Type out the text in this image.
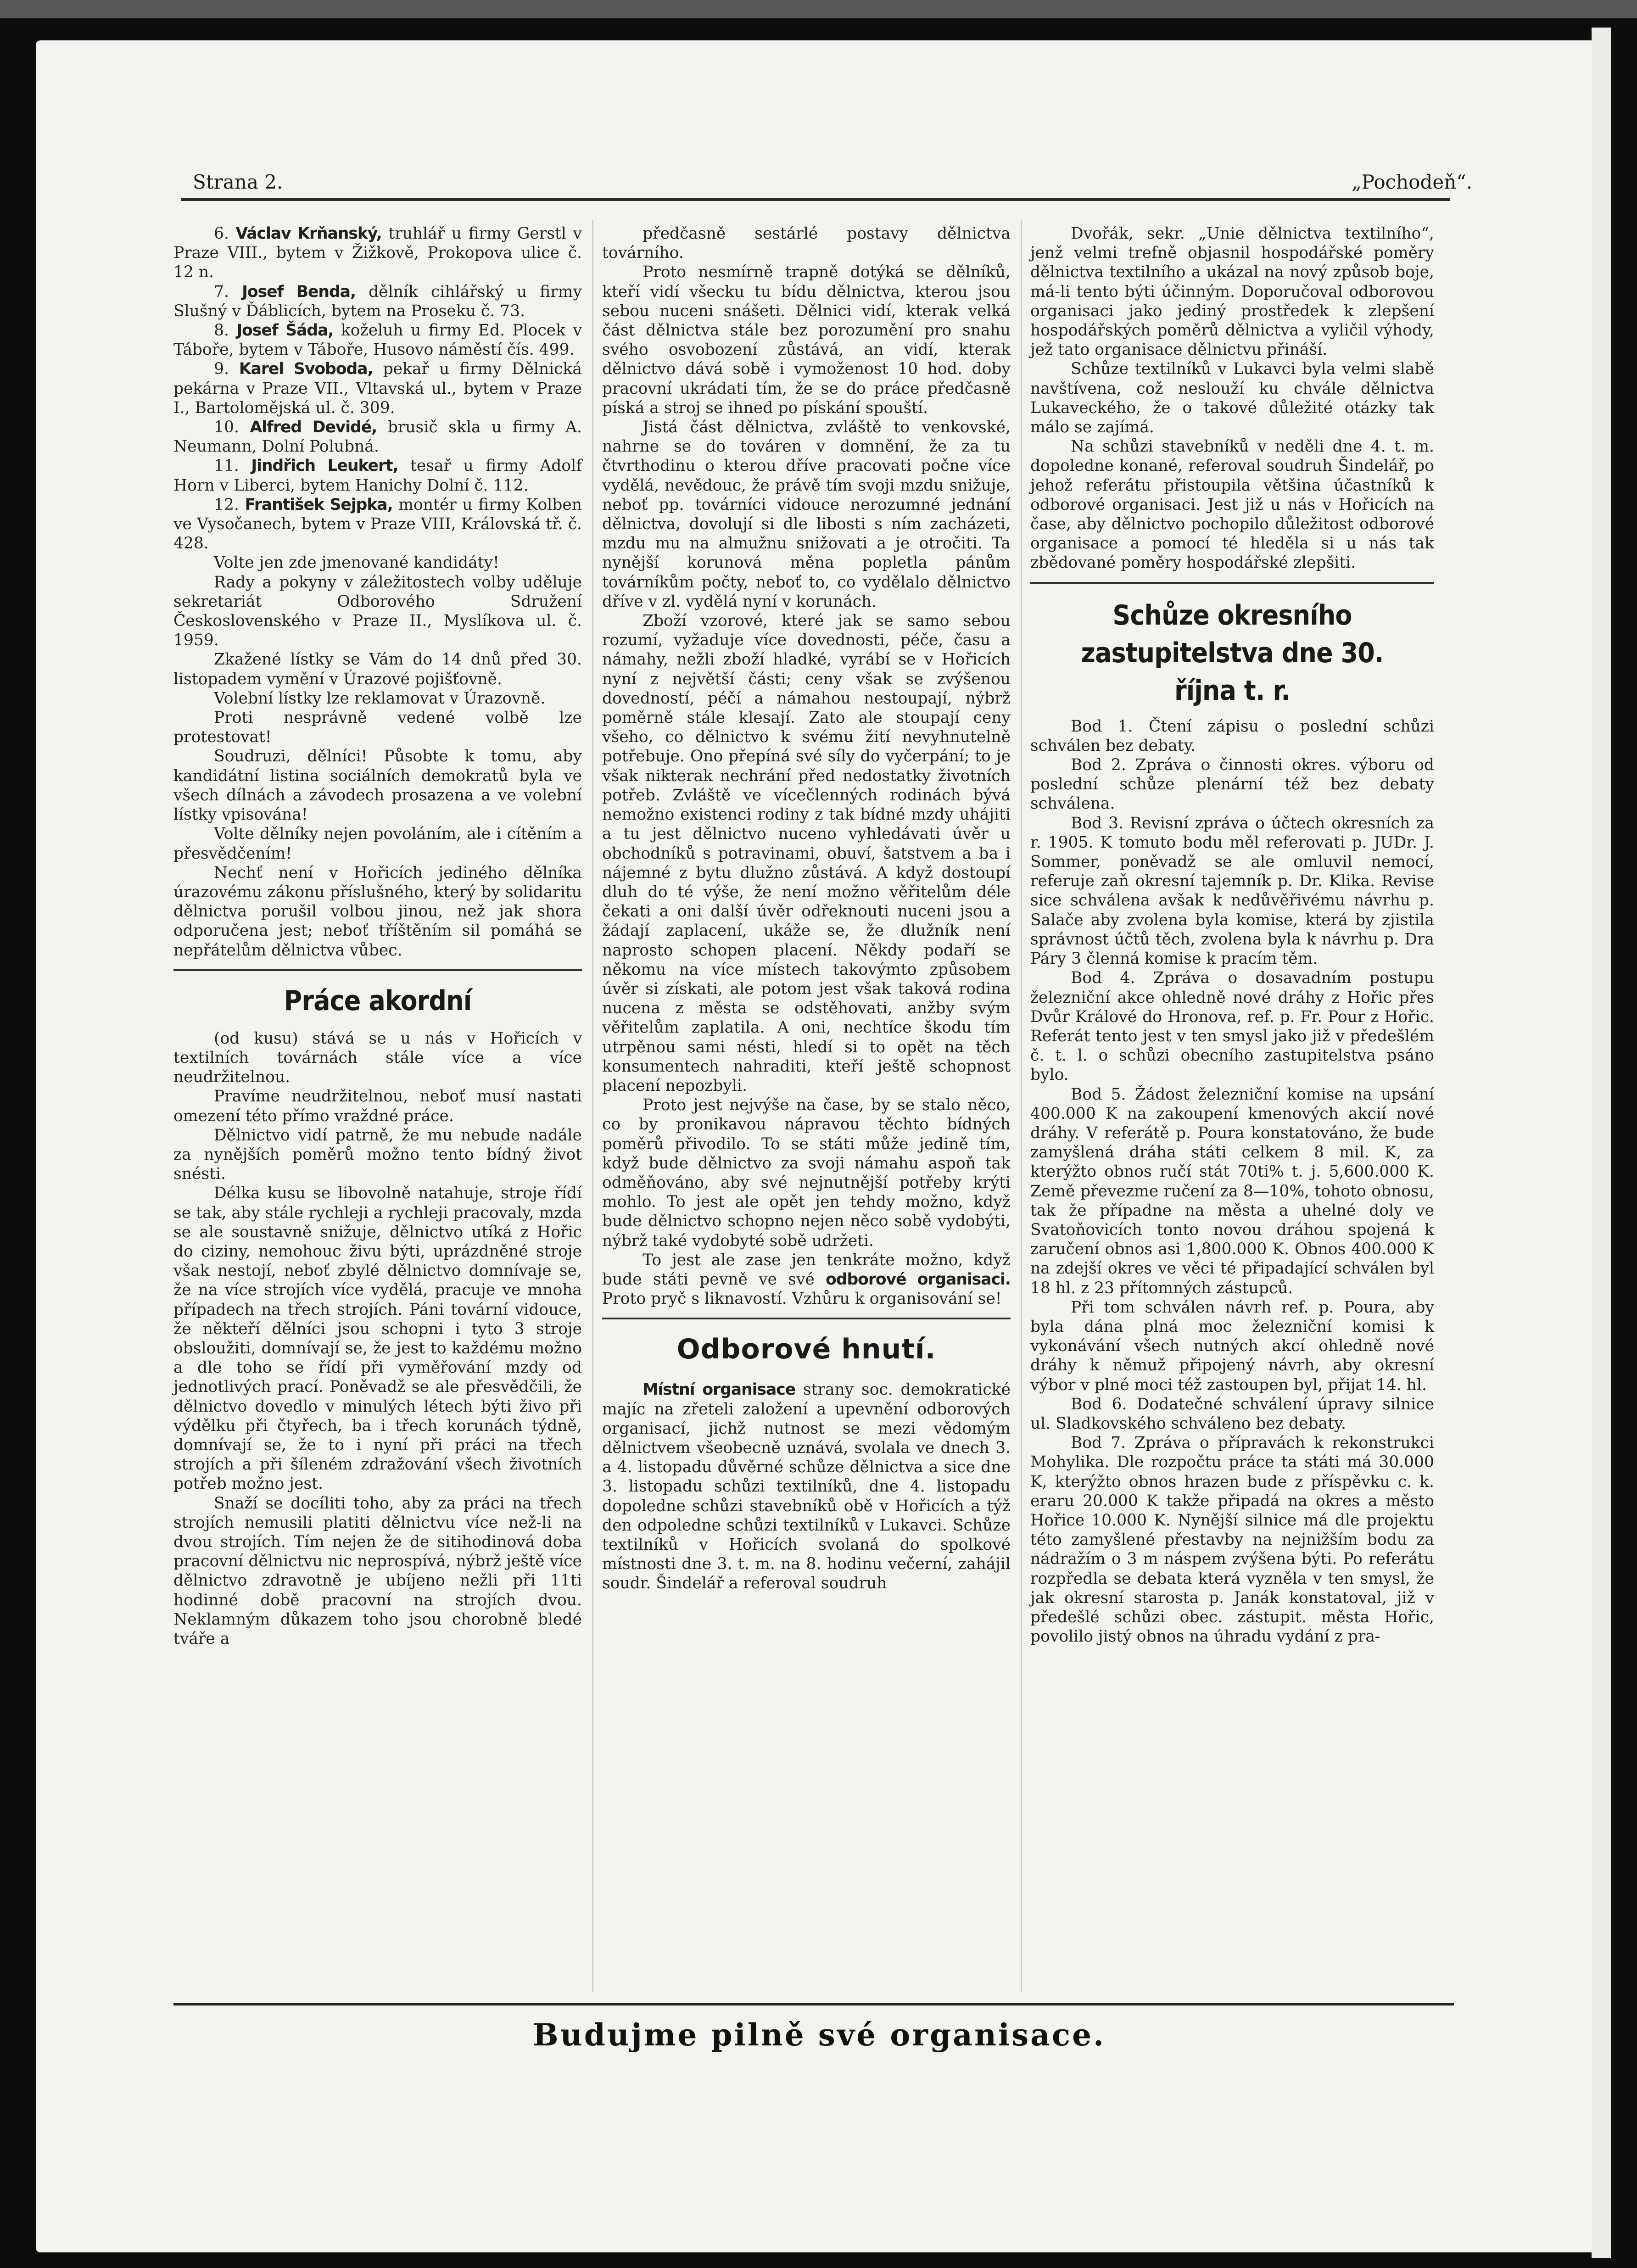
Strana 2.	„Pochodeň“.

6. Václav Krňanský, truhlář u firmy Gerstl v Praze VIII., bytem v Žižkově, Prokopova ulice č. 12 n.

7. Josef Benda, dělník cihlářský u firmy Slušný v Ďáblicích, bytem na Proseku č. 73.

8. Josef Šáda, koželuh u firmy Ed. Plocek v Táboře, bytem v Táboře, Husovo náměstí čís. 499.

9. Karel Svoboda, pekař u firmy Dělnická pekárna v Praze VII., Vltavská ul., bytem v Praze I., Bartolomějská ul. č. 309.

10. Alfred Devidé, brusič skla u firmy A. Neumann, Dolní Polubná.

11. Jindřich Leukert, tesař u firmy Adolf Horn v Liberci, bytem Hanichy Dolní č. 112.

12. František Sejpka, montér u firmy Kolben ve Vysočanech, bytem v Praze VIII, Královská tř. č. 428.

Volte jen zde jmenované kandidáty!

Rady a pokyny v záležitostech volby uděluje sekretariát Odborového Sdružení Československého v Praze II., Myslíkova ul. č. 1959.

Zkažené lístky se Vám do 14 dnů před 30. listopadem vymění v Úrazové pojišťovně.

Volební lístky lze reklamovat v Úrazovně.

Proti nesprávně vedené volbě lze protestovat!

Soudruzi, dělníci! Působte k tomu, aby kandidátní listina sociálních demokratů byla ve všech dílnách a závodech prosazena a ve volební lístky vpisována!

Volte dělníky nejen povoláním, ale i cítěním a přesvědčením!

Nechť není v Hořicích jediného dělníka úrazovému zákonu příslušného, který by solidaritu dělnictva porušil volbou jinou, než jak shora odporučena jest; neboť tříštěním sil pomáhá se nepřátelům dělnictva vůbec.

Práce akordní

(od kusu) stává se u nás v Hořicích v textilních továrnách stále více a více neudržitelnou.

Pravíme neudržitelnou, neboť musí nastati omezení této přímo vraždné práce.

Dělnictvo vidí patrně, že mu nebude nadále za nynějších poměrů možno tento bídný život snésti.

Délka kusu se libovolně natahuje, stroje řídí se tak, aby stále rychleji a rychleji pracovaly, mzda se ale soustavně snižuje, dělnictvo utíká z Hořic do ciziny, nemohouc živu býti, uprázdněné stroje však nestojí, neboť zbylé dělnictvo domnívaje se, že na více strojích více vydělá, pracuje ve mnoha případech na třech strojích. Páni tovární vidouce, že někteří dělníci jsou schopni i tyto 3 stroje obsloužiti, domnívají se, že jest to každému možno a dle toho se řídí při vyměřování mzdy od jednotlivých prací. Poněvadž se ale přesvědčili, že dělnictvo dovedlo v minulých létech býti živo při výdělku při čtyřech, ba i třech korunách týdně, domnívají se, že to i nyní při práci na třech strojích a při šíleném zdražování všech životních potřeb možno jest.

Snaží se docíliti toho, aby za práci na třech strojích nemusili platiti dělnictvu více než-li na dvou strojích. Tím nejen že de sitihodinová doba pracovní dělnictvu nic neprospívá, nýbrž ještě více dělnictvo zdravotně je ubíjeno nežli při 11ti hodinné době pracovní na strojích dvou. Neklamným důkazem toho jsou chorobně bledé tváře a

předčasně sestárlé postavy dělnictva továrního.

Proto nesmírně trapně dotýká se dělníků, kteří vidí všecku tu bídu dělnictva, kterou jsou sebou nuceni snášeti. Dělnici vidí, kterak velká část dělnictva stále bez porozumění pro snahu svého osvobození zůstává, an vidí, kterak dělnictvo dává sobě i vymoženost 10 hod. doby pracovní ukrádati tím, že se do práce předčasně píská a stroj se ihned po pískání spouští.

Jistá část dělnictva, zvláště to venkovské, nahrne se do továren v domnění, že za tu čtvrthodinu o kterou dříve pracovati počne více vydělá, nevědouc, že právě tím svoji mzdu snižuje, neboť pp. továrníci vidouce nerozumné jednání dělnictva, dovolují si dle libosti s ním zacházeti, mzdu mu na almužnu snižovati a je otročiti. Ta nynější korunová měna popletla pánům továrníkům počty, neboť to, co vydělalo dělnictvo dříve v zl. vydělá nyní v korunách.

Zboží vzorové, které jak se samo sebou rozumí, vyžaduje více dovednosti, péče, času a námahy, nežli zboží hladké, vyrábí se v Hořicích nyní z největší části; ceny však se zvýšenou dovedností, péčí a námahou nestoupají, nýbrž poměrně stále klesají. Zato ale stoupají ceny všeho, co dělnictvo k svému žití nevyhnutelně potřebuje. Ono přepíná své síly do vyčerpání; to je však nikterak nechrání před nedostatky životních potřeb. Zvláště ve vícečlenných rodinách bývá nemožno existenci rodiny z tak bídné mzdy uhájiti a tu jest dělnictvo nuceno vyhledávati úvěr u obchodníků s potravinami, obuví, šatstvem a ba i nájemné z bytu dlužno zůstává. A když dostoupí dluh do té výše, že není možno věřitelům déle čekati a oni další úvěr odřeknouti nuceni jsou a žádají zaplacení, ukáže se, že dlužník není naprosto schopen placení. Někdy podaří se někomu na více místech takovýmto způsobem úvěr si získati, ale potom jest však taková rodina nucena z města se odstěhovati, anžby svým věřitelům zaplatila. A oni, nechtíce škodu tím utrpěnou sami nésti, hledí si to opět na těch konsumentech nahraditi, kteří ještě schopnost placení nepozbyli.

Proto jest nejvýše na čase, by se stalo něco, co by pronikavou nápravou těchto bídných poměrů přivodilo. To se státi může jedině tím, když bude dělnictvo za svoji námahu aspoň tak odměňováno, aby své nejnutnější potřeby krýti mohlo. To jest ale opět jen tehdy možno, když bude dělnictvo schopno nejen něco sobě vydobýti, nýbrž také vydobyté sobě udržeti.

To jest ale zase jen tenkráte možno, když bude státi pevně ve své odborové organisaci. Proto pryč s liknavostí. Vzhůru k organisování se!

Odborové hnutí.

Místní organisace strany soc. demokratické majíc na zřeteli založení a upevnění odborových organisací, jichž nutnost se mezi vědomým dělnictvem všeobecně uznává, svolala ve dnech 3. a 4. listopadu důvěrné schůze dělnictva a sice dne 3. listopadu schůzi textilníků, dne 4. listopadu dopoledne schůzi stavebníků obě v Hořicích a týž den odpoledne schůzi textilníků v Lukavci. Schůze textilníků v Hořicích svolaná do spolkové místnosti dne 3. t. m. na 8. hodinu večerní, zahájil soudr. Šindelář a referoval soudruh

Dvořák, sekr. „Unie dělnictva textilního“, jenž velmi trefně objasnil hospodářské poměry dělnictva textilního a ukázal na nový způsob boje, má-li tento býti účinným. Doporučoval odborovou organisaci jako jediný prostředek k zlepšení hospodářských poměrů dělnictva a vyličil výhody, jež tato organisace dělnictvu přináší.

Schůze textilníků v Lukavci byla velmi slabě navštívena, což neslouží ku chvále dělnictva Lukaveckého, že o takové důležité otázky tak málo se zajímá.

Na schůzi stavebníků v neděli dne 4. t. m. dopoledne konané, referoval soudruh Šindelář, po jehož referátu přistoupila většina účastníků k odborové organisaci. Jest již u nás v Hořicích na čase, aby dělnictvo pochopilo důležitost odborové organisace a pomocí té hleděla si u nás tak zbědované poměry hospodářské zlepšiti.

Schůze okresního zastupitelstva dne 30. října t. r.

Bod 1. Čtení zápisu o poslední schůzi schválen bez debaty.

Bod 2. Zpráva o činnosti okres. výboru od poslední schůze plenární též bez debaty schválena.

Bod 3. Revisní zpráva o účtech okresních za r. 1905. K tomuto bodu měl referovati p. JUDr. J. Sommer, poněvadž se ale omluvil nemocí, referuje zaň okresní tajemník p. Dr. Klika. Revise sice schválena avšak k nedůvěřivému návrhu p. Salače aby zvolena byla komise, která by zjistila správnost účtů těch, zvolena byla k návrhu p. Dra Páry 3 členná komise k pracím těm.

Bod 4. Zpráva o dosavadním postupu železniční akce ohledně nové dráhy z Hořic přes Dvůr Králové do Hronova, ref. p. Fr. Pour z Hořic. Referát tento jest v ten smysl jako již v předešlém č. t. l. o schůzi obecního zastupitelstva psáno bylo.

Bod 5. Žádost železniční komise na upsání 400.000 K na zakoupení kmenových akcií nové dráhy. V referátě p. Poura konstatováno, že bude zamyšlená dráha státi celkem 8 mil. K, za kterýžto obnos ručí stát 70ti% t. j. 5,600.000 K. Země převezme ručení za 8—10%, tohoto obnosu, tak že případne na města a uhelné doly ve Svatoňovicích tonto novou dráhou spojená k zaručení obnos asi 1,800.000 K. Obnos 400.000 K na zdejší okres ve věci té připadající schválen byl 18 hl. z 23 přítomných zástupců.

Při tom schválen návrh ref. p. Poura, aby byla dána plná moc železniční komisi k vykonávání všech nutných akcí ohledně nové dráhy k němuž připojený návrh, aby okresní výbor v plné moci též zastoupen byl, přijat 14. hl.

Bod 6. Dodatečné schválení úpravy silnice ul. Sladkovského schváleno bez debaty.

Bod 7. Zpráva o přípravách k rekonstrukci Mohylika. Dle rozpočtu práce ta státi má 30.000 K, kterýžto obnos hrazen bude z příspěvku c. k. eraru 20.000 K takže připadá na okres a město Hořice 10.000 K. Nynější silnice má dle projektu této zamyšlené přestavby na nejnižším bodu za nádražím o 3 m náspem zvýšena býti. Po referátu rozpředla se debata která vyzněla v ten smysl, že jak okresní starosta p. Janák konstatoval, již v předešlé schůzi obec. zástupit. města Hořic, povolilo jistý obnos na úhradu vydání z pra-

Budujme pilně své organisace.
